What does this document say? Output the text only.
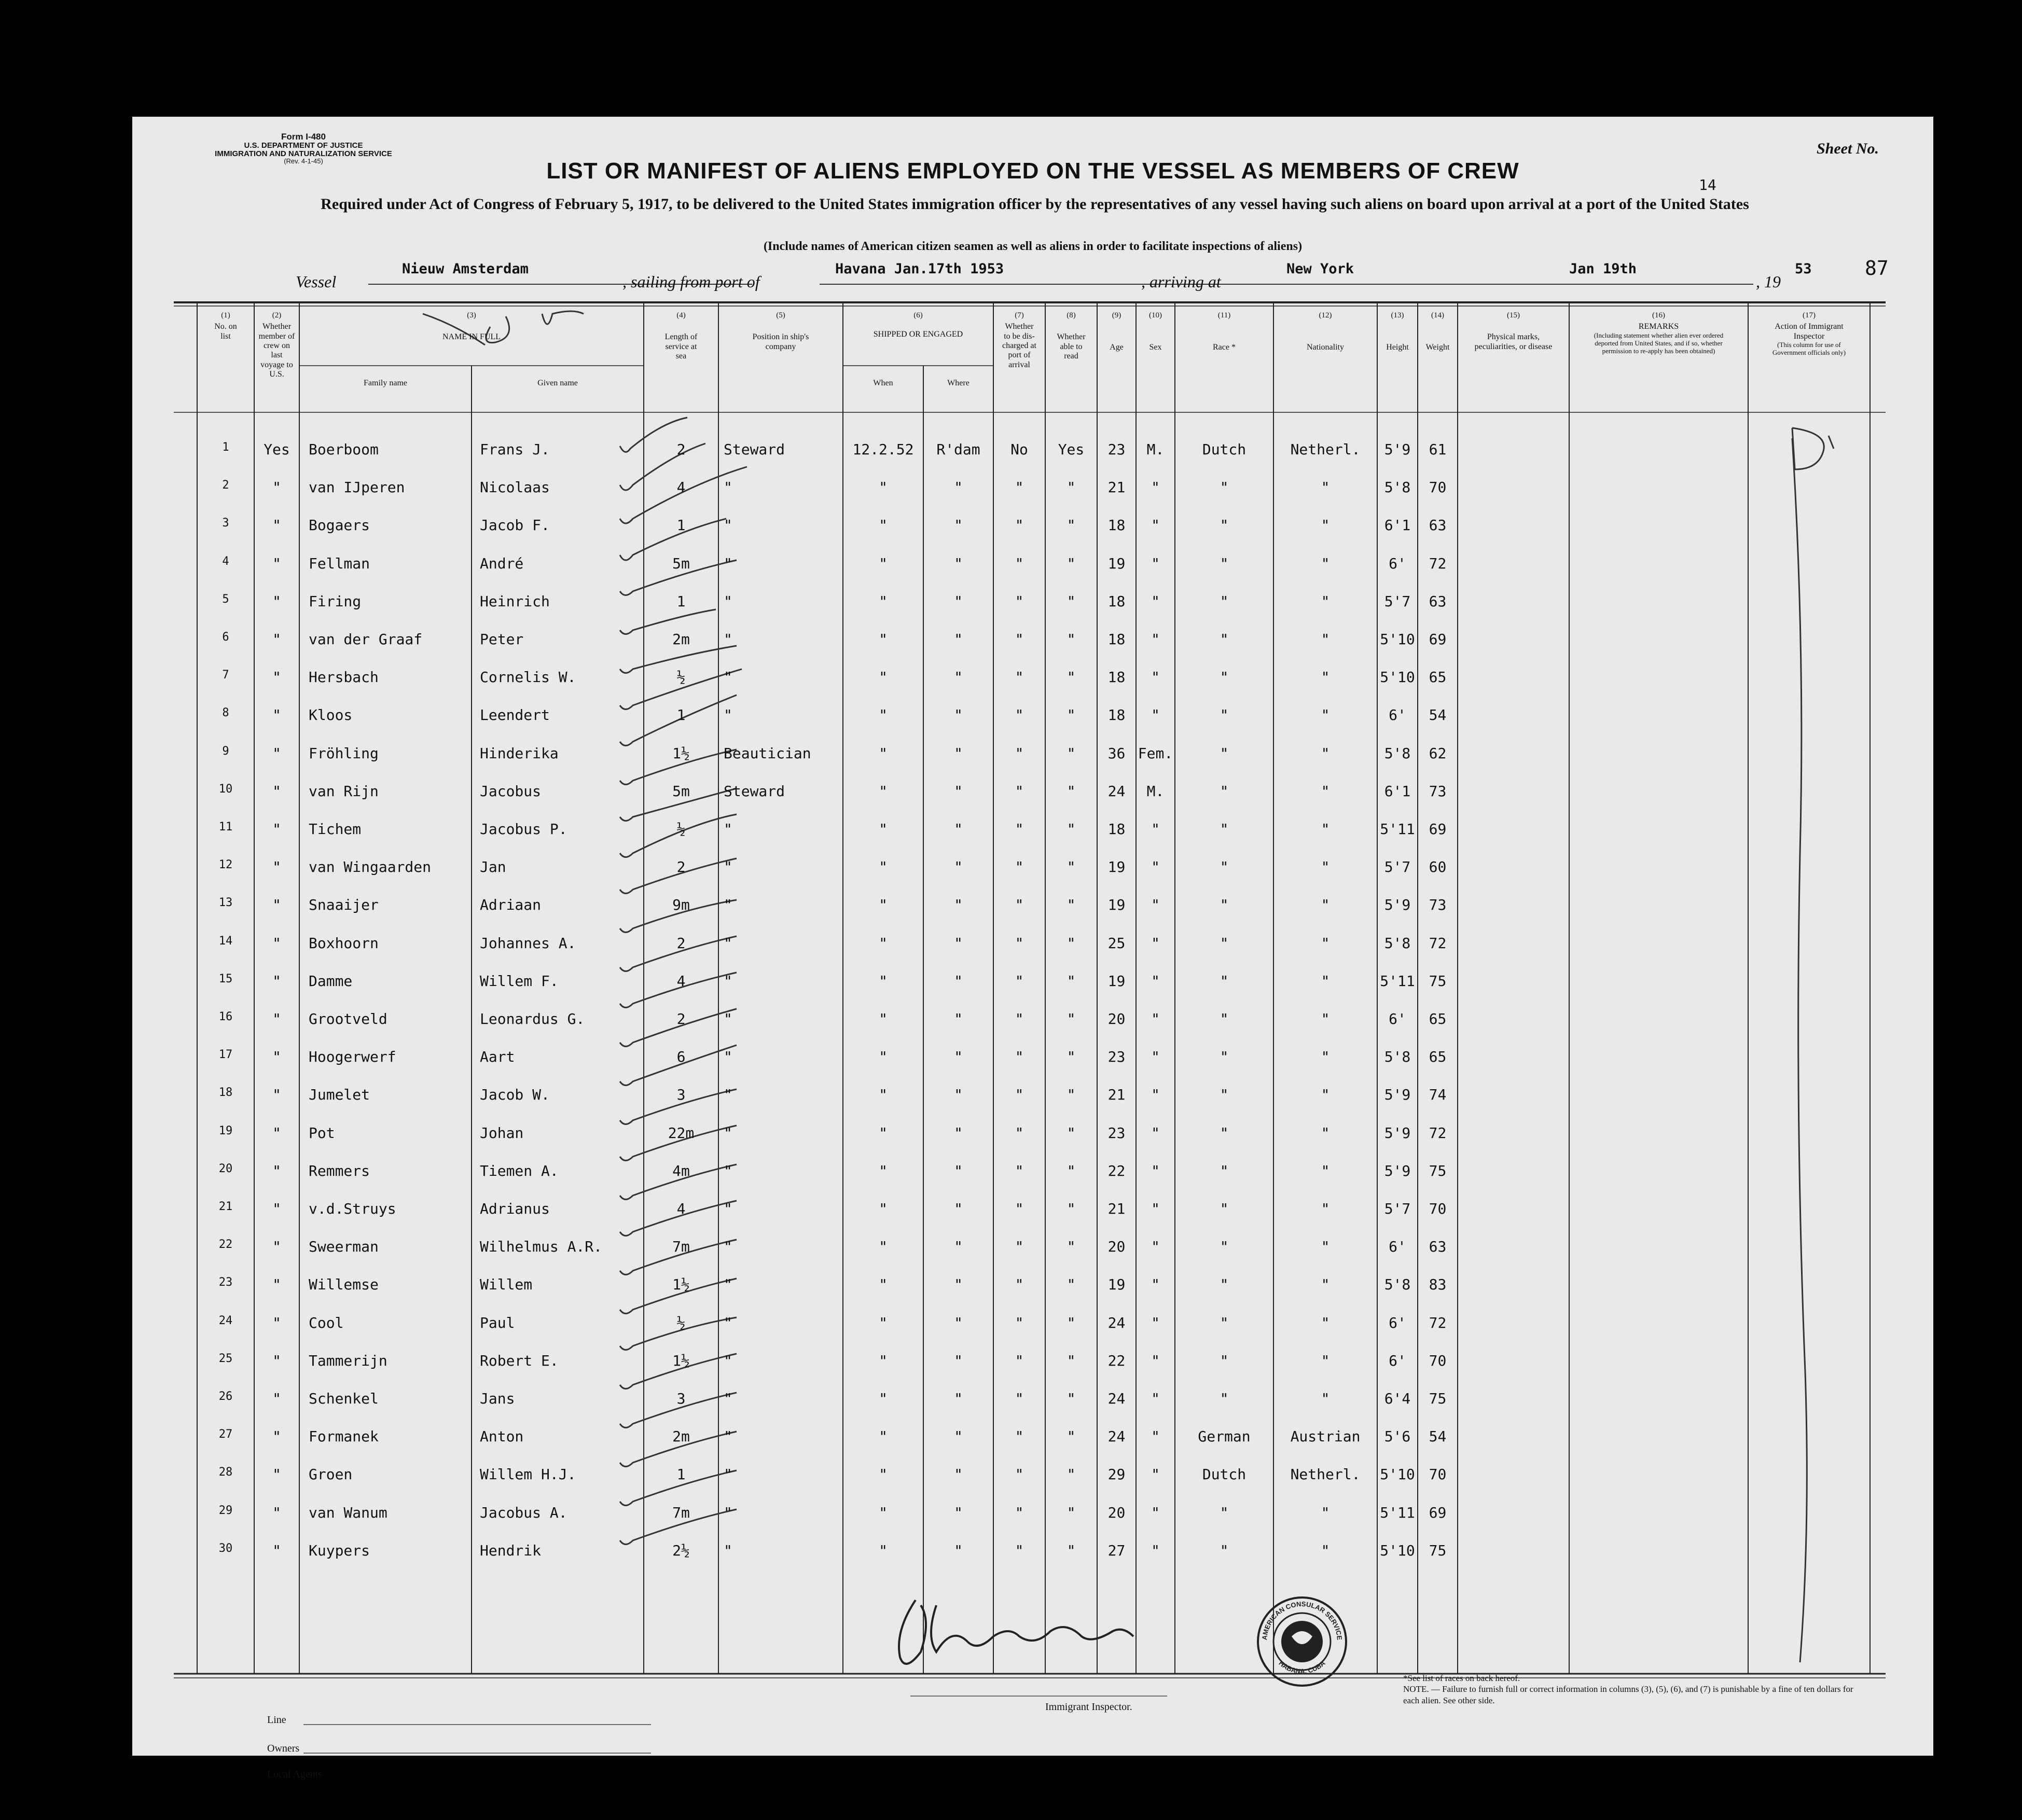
Form I-480
U.S. DEPARTMENT OF JUSTICE
IMMIGRATION AND NATURALIZATION SERVICE
(Rev. 4-1-45)
Sheet No.
14
LIST OR MANIFEST OF ALIENS EMPLOYED ON THE VESSEL AS MEMBERS OF CREW
Required under Act of Congress of February 5, 1917, to be delivered to the United States immigration officer by the representatives of any vessel having such aliens on board upon arrival at a port of the United States
(Include names of American citizen seamen as well as aliens in order to facilitate inspections of aliens)
Vessel
Nieuw Amsterdam
, sailing from port of
Havana Jan.17th 1953
, arriving at
New York	Jan 19th
, 19
53	87
(1)
No. on list
(2)
Whether member of crew on last voyage to U.S.
(3)
NAME IN FULL
Family name	Given name
(4)
Length of service at sea
(5)
Position in ship's company
(6)
SHIPPED OR ENGAGED
When	Where
(7)
Whether to be dis-charged at port of arrival
(8)
Whether able to read
(9)
Age
(10)
Sex
(11)
Race *
(12)
Nationality
(13)
Height
(14)
Weight
(15)
Physical marks, peculiarities, or disease
(16)
REMARKS
(Including statement whether alien ever ordered deported from United States, and if so, whether permission to re-apply has been obtained)
(17)
Action of Immigrant Inspector
(This column for use of Government officials only)
1	Yes	Boerboom	Frans J.	2	Steward	12.2.52	R'dam	No	Yes	23	M.	Dutch	Netherl.	5'9	61
2	"	van IJperen	Nicolaas	4	"	"	"	"	"	21	"	"	"	5'8	70
3	"	Bogaers	Jacob F.	1	"	"	"	"	"	18	"	"	"	6'1	63
4	"	Fellman	André	5m	"	"	"	"	"	19	"	"	"	6'	72
5	"	Firing	Heinrich	1	"	"	"	"	"	18	"	"	"	5'7	63
6	"	van der Graaf	Peter	2m	"	"	"	"	"	18	"	"	"	5'10 69
7	"	Hersbach	Cornelis W.	½	"	"	"	"	"	18	"	"	"	5'10 65
8	"	Kloos	Leendert	1	"	"	"	"	"	18	"	"	"	6'	54
9	"	Fröhling	Hinderika	1½	Beautician	"	"	"	"	36 Fem.	"	"	5'8	62
10	"	van Rijn	Jacobus	5m	Steward	"	"	"	"	24	M.	"	"	6'1	73
11	"	Tichem	Jacobus P.	½	"	"	"	"	"	18	"	"	"	5'11 69
12	"	van Wingaarden	Jan	2	"	"	"	"	"	19	"	"	"	5'7	60
13	"	Snaaijer	Adriaan	9m	"	"	"	"	"	19	"	"	"	5'9	73
14	"	Boxhoorn	Johannes A.	2	"	"	"	"	"	25	"	"	"	5'8	72
15	"	Damme	Willem F.	4	"	"	"	"	"	19	"	"	"	5'11 75
16	"	Grootveld	Leonardus G.	2	"	"	"	"	"	20	"	"	"	6'	65
17	"	Hoogerwerf	Aart	6	"	"	"	"	"	23	"	"	"	5'8	65
18	"	Jumelet	Jacob W.	3	"	"	"	"	"	21	"	"	"	5'9	74
19	"	Pot	Johan	22m	"	"	"	"	"	23	"	"	"	5'9	72
20	"	Remmers	Tiemen A.	4m	"	"	"	"	"	22	"	"	"	5'9	75
21	"	v.d.Struys	Adrianus	4	"	"	"	"	"	21	"	"	"	5'7	70
22	"	Sweerman	Wilhelmus A.R.	7m	"	"	"	"	"	20	"	"	"	6'	63
23	"	Willemse	Willem	1½	"	"	"	"	"	19	"	"	"	5'8	83
24	"	Cool	Paul	½	"	"	"	"	"	24	"	"	"	6'	72
25	"	Tammerijn	Robert E.	1½	"	"	"	"	"	22	"	"	"	6'	70
26	"	Schenkel	Jans	3	"	"	"	"	"	24	"	"	"	6'4	75
27	"	Formanek	Anton	2m	"	"	"	"	"	24	"	German	Austrian	5'6	54
28	"	Groen	Willem H.J.	1	"	"	"	"	"	29	"	Dutch	Netherl.	5'10 70
29	"	van Wanum	Jacobus A.	7m	"	"	"	"	"	20	"	"	"	5'11 69
30	"	Kuypers	Hendrik	2½	"	"	"	"	"	27	"	"	"	5'10 75
D
Line
Owners
Local Agents
Immigrant Inspector.
AMERICAN CONSULAR SERVICE
HABANA, CUBA
*See list of races on back hereof.
NOTE. — Failure to furnish full or correct information in columns (3), (5), (6), and (7) is punishable by a fine of ten dollars for each alien. See other side.
